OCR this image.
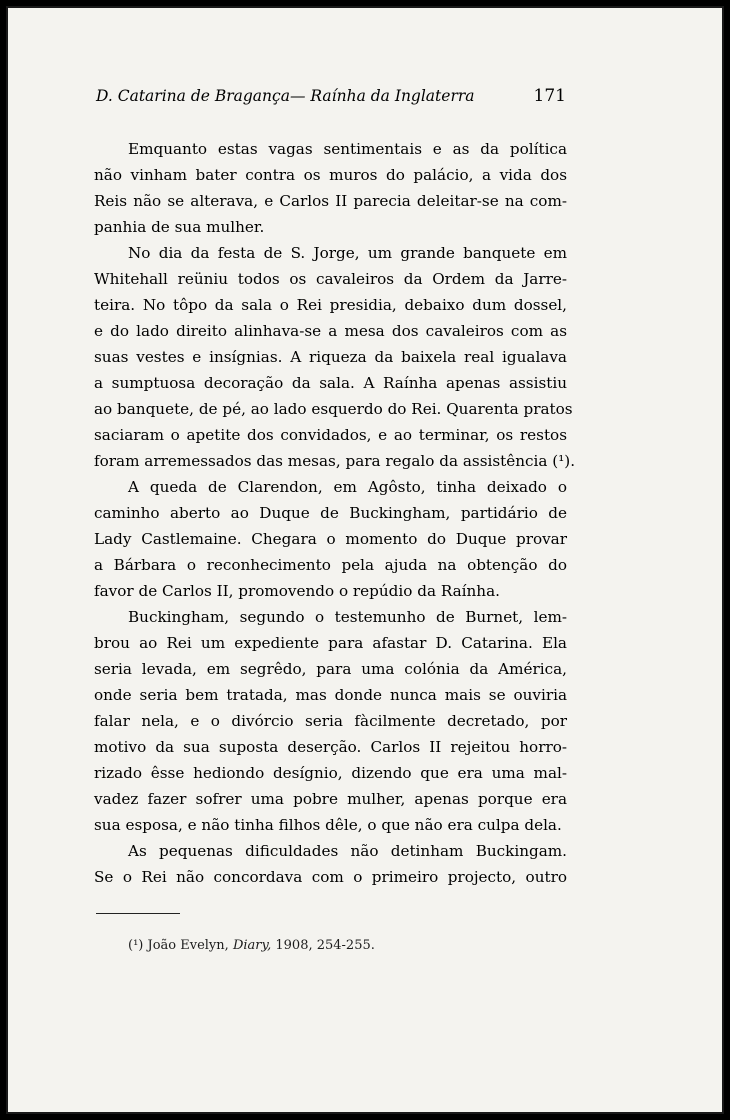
D. Catarina de Bragança— Raínha da Inglaterra	171
Emquanto estas vagas sentimentais e as da política
não vinham bater contra os muros do palácio, a vida dos
Reis não se alterava, e Carlos II parecia deleitar-se na com-
panhia de sua mulher.
No dia da festa de S. Jorge, um grande banquete em
Whitehall reüniu todos os cavaleiros da Ordem da Jarre-
teira. No tôpo da sala o Rei presidia, debaixo dum dossel,
e do lado direito alinhava-se a mesa dos cavaleiros com as
suas vestes e insígnias. A riqueza da baixela real igualava
a sumptuosa decoração da sala. A Raínha apenas assistiu
ao banquete, de pé, ao lado esquerdo do Rei. Quarenta pratos
saciaram o apetite dos convidados, e ao terminar, os restos
foram arremessados das mesas, para regalo da assistência (¹).
A queda de Clarendon, em Agôsto, tinha deixado o
caminho aberto ao Duque de Buckingham, partidário de
Lady Castlemaine. Chegara o momento do Duque provar
a Bárbara o reconhecimento pela ajuda na obtenção do
favor de Carlos II, promovendo o repúdio da Raínha.
Buckingham, segundo o testemunho de Burnet, lem-
brou ao Rei um expediente para afastar D. Catarina. Ela
seria levada, em segrêdo, para uma colónia da América,
onde seria bem tratada, mas donde nunca mais se ouviria
falar nela, e o divórcio seria fàcilmente decretado, por
motivo da sua suposta deserção. Carlos II rejeitou horro-
rizado êsse hediondo desígnio, dizendo que era uma mal-
vadez fazer sofrer uma pobre mulher, apenas porque era
sua esposa, e não tinha filhos dêle, o que não era culpa dela.
As pequenas dificuldades não detinham Buckingam.
Se o Rei não concordava com o primeiro projecto, outro
(¹) João Evelyn, Diary, 1908, 254-255.
